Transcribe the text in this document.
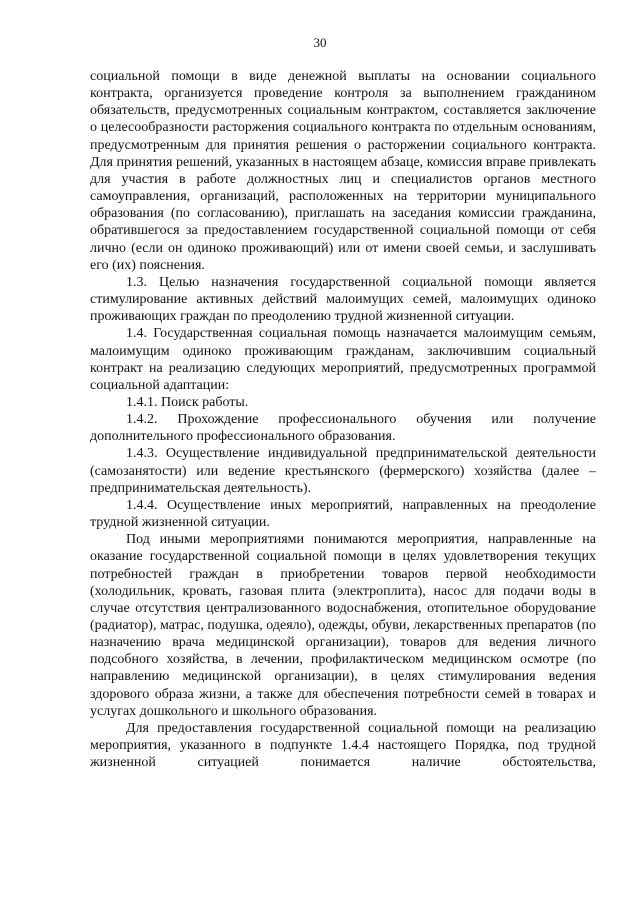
30

социальной помощи в виде денежной выплаты на основании социального контракта, организуется проведение контроля за выполнением гражданином обязательств, предусмотренных социальным контрактом, составляется заключение о целесообразности расторжения социального контракта по отдельным основаниям, предусмотренным для принятия решения о расторжении социального контракта. Для принятия решений, указанных в настоящем абзаце, комиссия вправе привлекать для участия в работе должностных лиц и специалистов органов местного самоуправления, организаций, расположенных на территории муниципального образования (по согласованию), приглашать на заседания комиссии гражданина, обратившегося за предоставлением государственной социальной помощи от себя лично (если он одиноко проживающий) или от имени своей семьи, и заслушивать его (их) пояснения.

1.3. Целью назначения государственной социальной помощи является стимулирование активных действий малоимущих семей, малоимущих одиноко проживающих граждан по преодолению трудной жизненной ситуации.

1.4. Государственная социальная помощь назначается малоимущим семьям, малоимущим одиноко проживающим гражданам, заключившим социальный контракт на реализацию следующих мероприятий, предусмотренных программой социальной адаптации:

1.4.1. Поиск работы.

1.4.2. Прохождение профессионального обучения или получение дополнительного профессионального образования.

1.4.3. Осуществление индивидуальной предпринимательской деятельности (самозанятости) или ведение крестьянского (фермерского) хозяйства (далее – предпринимательская деятельность).

1.4.4. Осуществление иных мероприятий, направленных на преодоление трудной жизненной ситуации.

Под иными мероприятиями понимаются мероприятия, направленные на оказание государственной социальной помощи в целях удовлетворения текущих потребностей граждан в приобретении товаров первой необходимости (холодильник, кровать, газовая плита (электроплита), насос для подачи воды в случае отсутствия централизованного водоснабжения, отопительное оборудование (радиатор), матрас, подушка, одеяло), одежды, обуви, лекарственных препаратов (по назначению врача медицинской организации), товаров для ведения личного подсобного хозяйства, в лечении, профилактическом медицинском осмотре (по направлению медицинской организации), в целях стимулирования ведения здорового образа жизни, а также для обеспечения потребности семей в товарах и услугах дошкольного и школьного образования.

Для предоставления государственной социальной помощи на реализацию мероприятия, указанного в подпункте 1.4.4 настоящего Порядка, под трудной жизненной ситуацией понимается наличие обстоятельства,
